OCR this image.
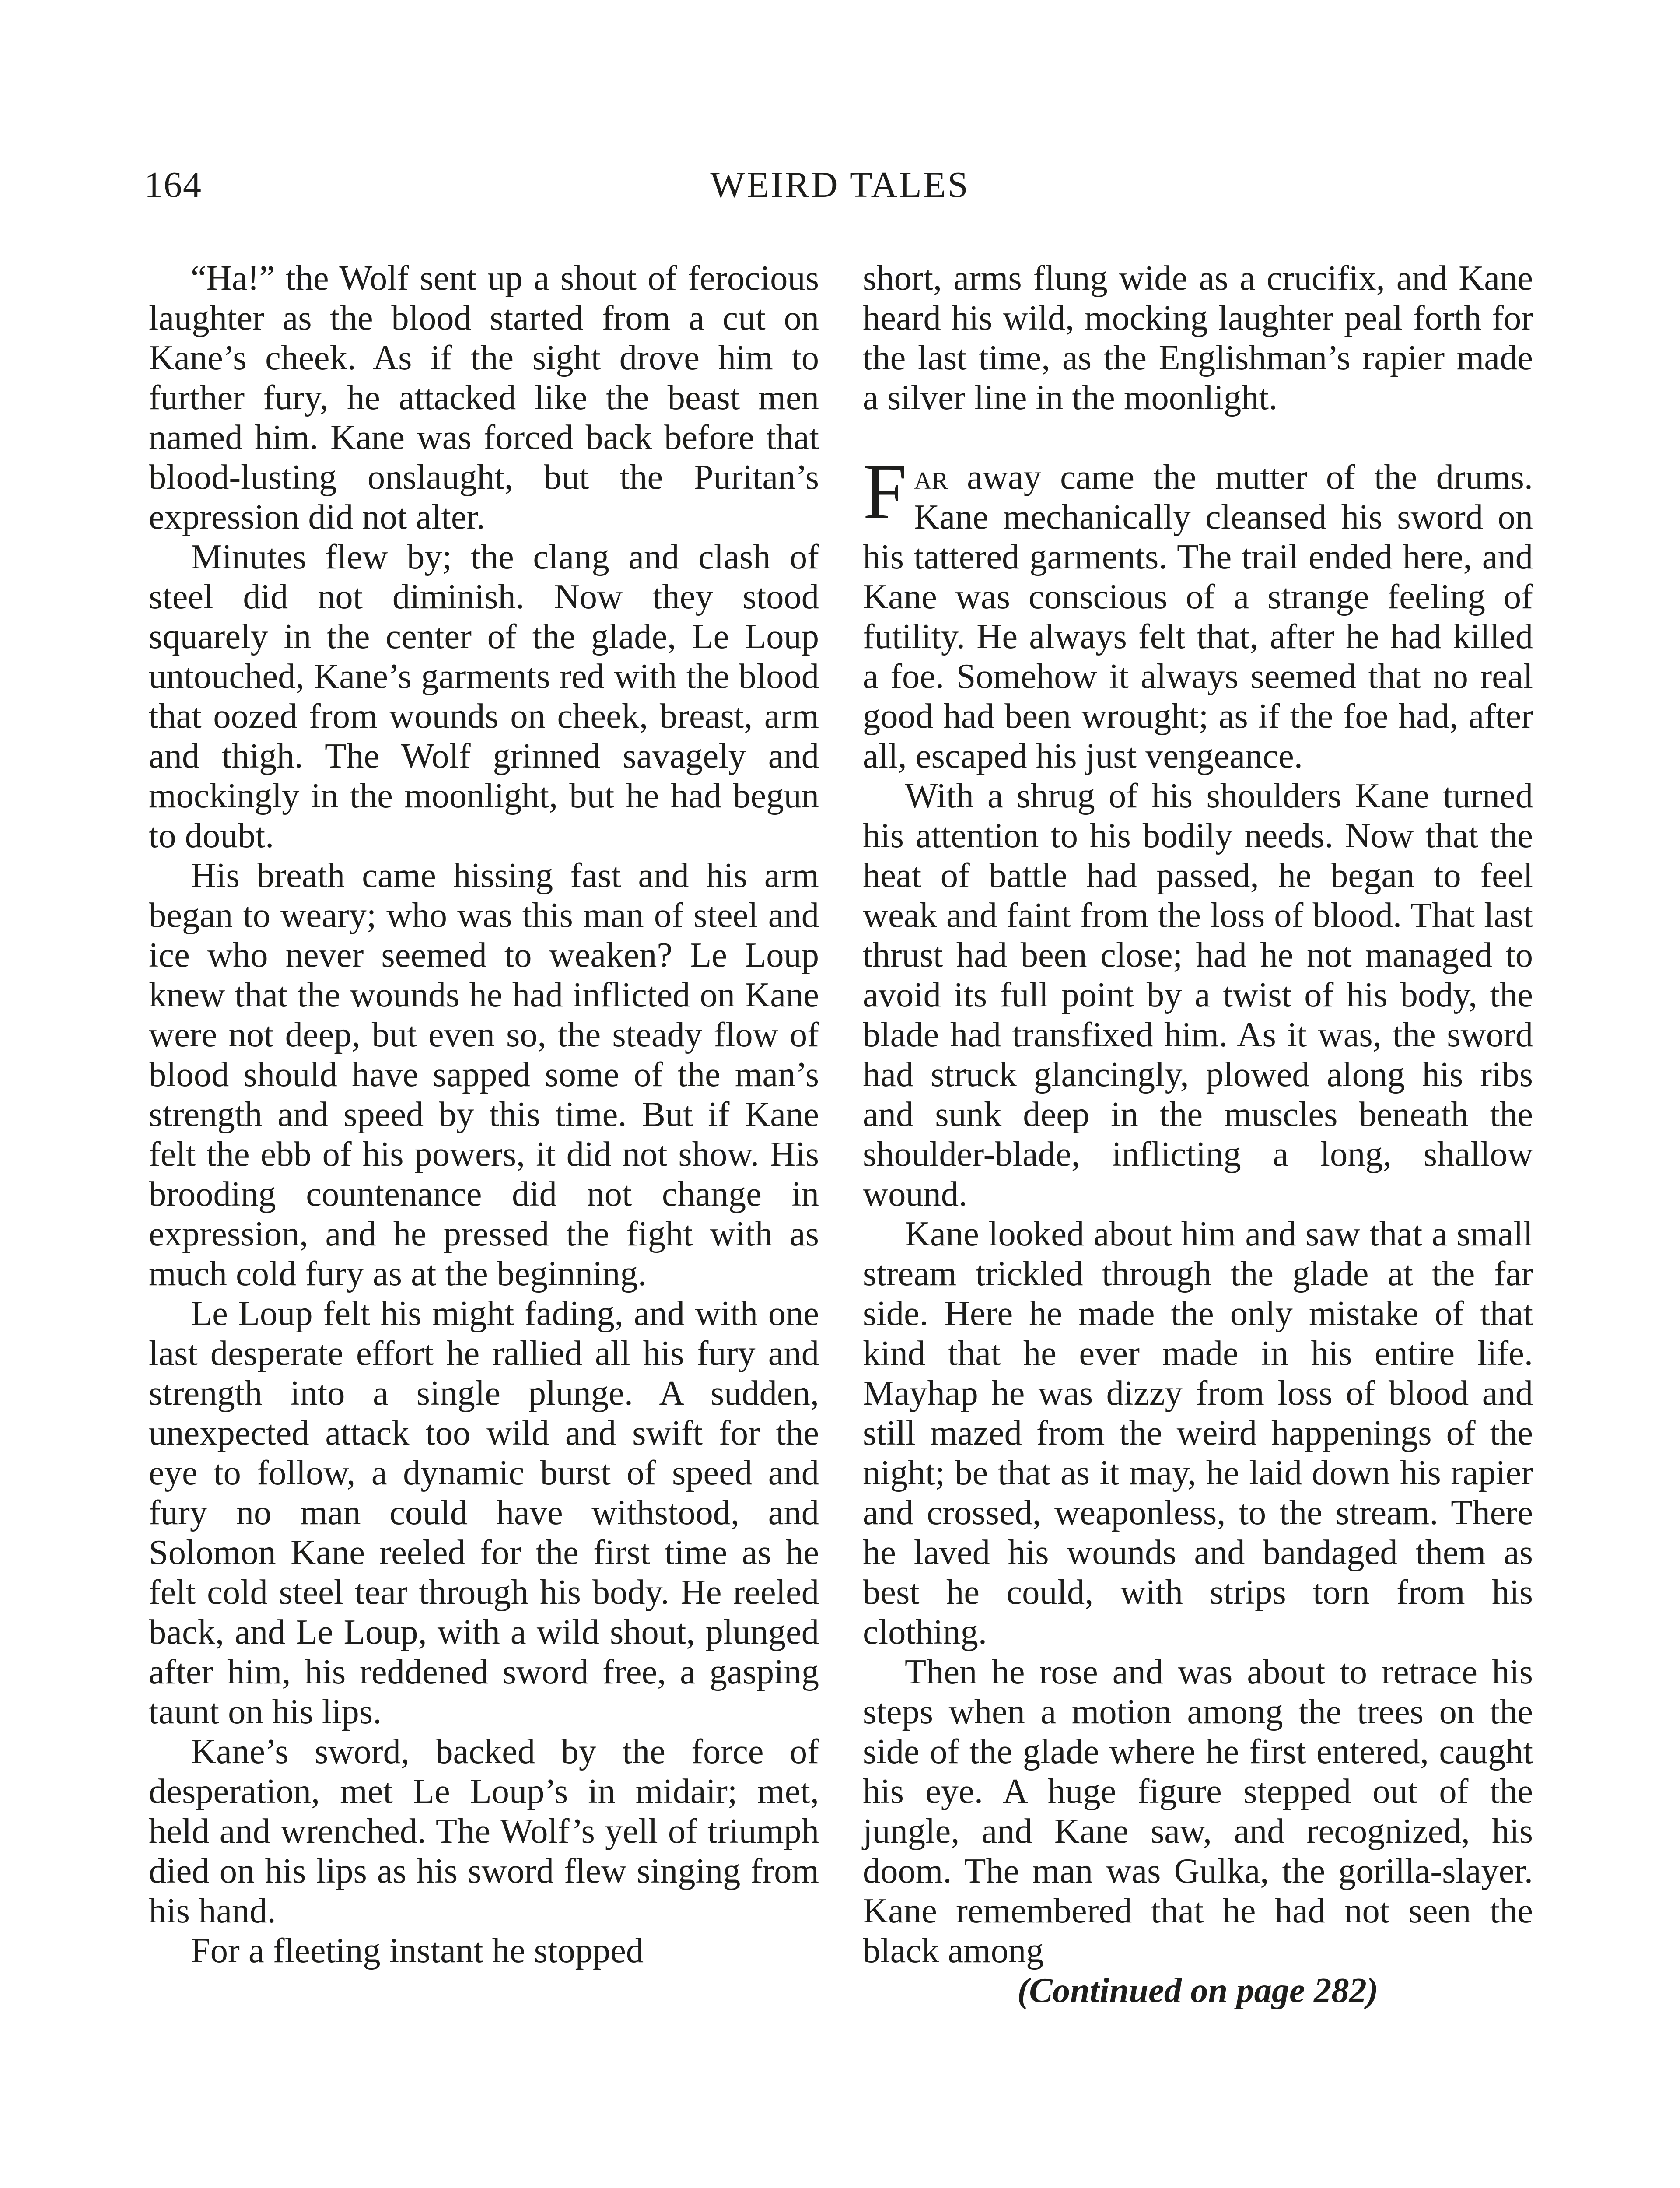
164	WEIRD TALES

“Ha!” the Wolf sent up a shout of ferocious laughter as the blood started from a cut on Kane’s cheek. As if the sight drove him to further fury, he attacked like the beast men named him. Kane was forced back before that blood-lusting onslaught, but the Puritan’s expression did not alter.

Minutes flew by; the clang and clash of steel did not diminish. Now they stood squarely in the center of the glade, Le Loup untouched, Kane’s garments red with the blood that oozed from wounds on cheek, breast, arm and thigh. The Wolf grinned savagely and mockingly in the moonlight, but he had begun to doubt.

His breath came hissing fast and his arm began to weary; who was this man of steel and ice who never seemed to weaken? Le Loup knew that the wounds he had inflicted on Kane were not deep, but even so, the steady flow of blood should have sapped some of the man’s strength and speed by this time. But if Kane felt the ebb of his powers, it did not show. His brooding countenance did not change in expression, and he pressed the fight with as much cold fury as at the beginning.

Le Loup felt his might fading, and with one last desperate effort he rallied all his fury and strength into a single plunge. A sudden, unexpected attack too wild and swift for the eye to follow, a dynamic burst of speed and fury no man could have withstood, and Solomon Kane reeled for the first time as he felt cold steel tear through his body. He reeled back, and Le Loup, with a wild shout, plunged after him, his reddened sword free, a gasping taunt on his lips.

Kane’s sword, backed by the force of desperation, met Le Loup’s in midair; met, held and wrenched. The Wolf’s yell of triumph died on his lips as his sword flew singing from his hand.

For a fleeting instant he stopped

short, arms flung wide as a crucifix, and Kane heard his wild, mocking laughter peal forth for the last time, as the Englishman’s rapier made a silver line in the moonlight.

Far away came the mutter of the drums. Kane mechanically cleansed his sword on his tattered garments. The trail ended here, and Kane was conscious of a strange feeling of futility. He always felt that, after he had killed a foe. Somehow it always seemed that no real good had been wrought; as if the foe had, after all, escaped his just vengeance.

With a shrug of his shoulders Kane turned his attention to his bodily needs. Now that the heat of battle had passed, he began to feel weak and faint from the loss of blood. That last thrust had been close; had he not managed to avoid its full point by a twist of his body, the blade had transfixed him. As it was, the sword had struck glancingly, plowed along his ribs and sunk deep in the muscles beneath the shoulder-blade, inflicting a long, shallow wound.

Kane looked about him and saw that a small stream trickled through the glade at the far side. Here he made the only mistake of that kind that he ever made in his entire life. Mayhap he was dizzy from loss of blood and still mazed from the weird happenings of the night; be that as it may, he laid down his rapier and crossed, weaponless, to the stream. There he laved his wounds and bandaged them as best he could, with strips torn from his clothing.

Then he rose and was about to retrace his steps when a motion among the trees on the side of the glade where he first entered, caught his eye. A huge figure stepped out of the jungle, and Kane saw, and recognized, his doom. The man was Gulka, the gorilla-slayer. Kane remembered that he had not seen the black among

(Continued on page 282)
